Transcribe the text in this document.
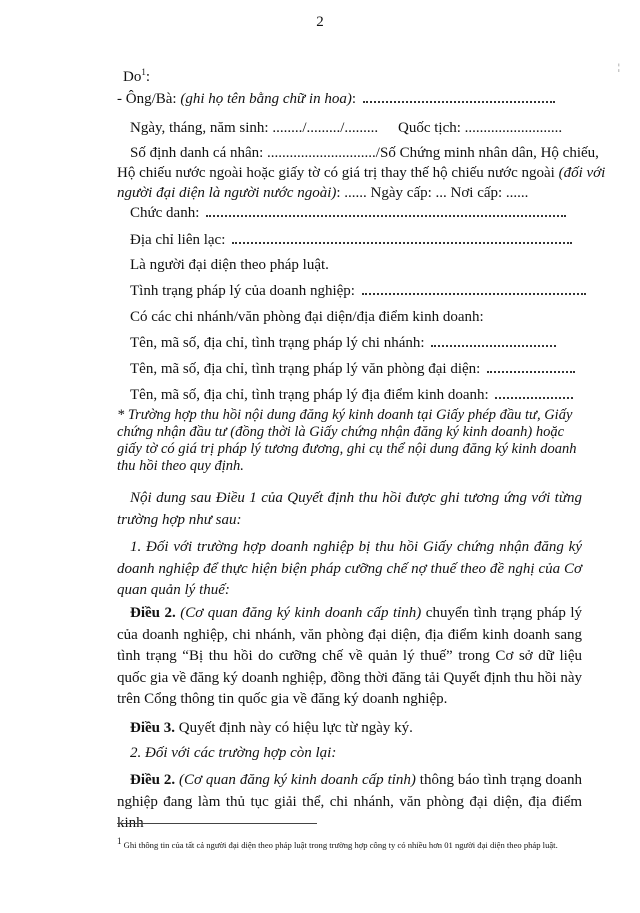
2
¦
Do$^1$:
- Ông/Bà: (ghi họ tên bằng chữ in hoa):
Ngày, tháng, năm sinh: ......../........./......... Quốc tịch: ..........................
Số định danh cá nhân: ............................./Số Chứng minh nhân dân, Hộ chiếu,
Hộ chiếu nước ngoài hoặc giấy tờ có giá trị thay thế hộ chiếu nước ngoài (đối với
người đại diện là người nước ngoài): ...... Ngày cấp: ... Nơi cấp: ......
Chức danh:
Địa chỉ liên lạc:
Là người đại diện theo pháp luật.
Tình trạng pháp lý của doanh nghiệp:
Có các chi nhánh/văn phòng đại diện/địa điểm kinh doanh:
Tên, mã số, địa chỉ, tình trạng pháp lý chi nhánh:
Tên, mã số, địa chỉ, tình trạng pháp lý văn phòng đại diện:
Tên, mã số, địa chỉ, tình trạng pháp lý địa điểm kinh doanh:
* Trường hợp thu hồi nội dung đăng ký kinh doanh tại Giấy phép đầu tư, Giấy chứng nhận đầu tư (đồng thời là Giấy chứng nhận đăng ký kinh doanh) hoặc giấy tờ có giá trị pháp lý tương đương, ghi cụ thể nội dung đăng ký kinh doanh thu hồi theo quy định.
Nội dung sau Điều 1 của Quyết định thu hồi được ghi tương ứng với từng trường hợp như sau:
1. Đối với trường hợp doanh nghiệp bị thu hồi Giấy chứng nhận đăng ký doanh nghiệp để thực hiện biện pháp cưỡng chế nợ thuế theo đề nghị của Cơ quan quản lý thuế:
Điều 2. (Cơ quan đăng ký kinh doanh cấp tỉnh) chuyển tình trạng pháp lý của doanh nghiệp, chi nhánh, văn phòng đại diện, địa điểm kinh doanh sang tình trạng “Bị thu hồi do cưỡng chế về quản lý thuế” trong Cơ sở dữ liệu quốc gia về đăng ký doanh nghiệp, đồng thời đăng tải Quyết định thu hồi này trên Cổng thông tin quốc gia về đăng ký doanh nghiệp.
Điều 3. Quyết định này có hiệu lực từ ngày ký.
2. Đối với các trường hợp còn lại:
Điều 2. (Cơ quan đăng ký kinh doanh cấp tỉnh) thông báo tình trạng doanh nghiệp đang làm thủ tục giải thể, chi nhánh, văn phòng đại diện, địa điểm kinh
$^1$ Ghi thông tin của tất cả người đại diện theo pháp luật trong trường hợp công ty có nhiều hơn 01 người đại diện theo pháp luật.
